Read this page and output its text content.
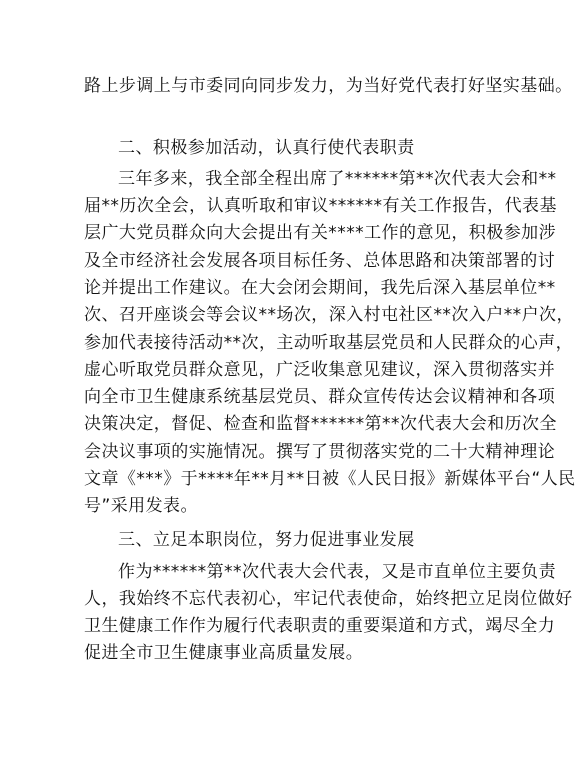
路上步调上与市委同向同步发力，为当好党代表打好坚实基础。
二、积极参加活动，认真行使代表职责
三年多来，我全部全程出席了******第**次代表大会和**
届**历次全会，认真听取和审议******有关工作报告，代表基
层广大党员群众向大会提出有关****工作的意见，积极参加涉
及全市经济社会发展各项目标任务、总体思路和决策部署的讨
论并提出工作建议。在大会闭会期间，我先后深入基层单位**
次、召开座谈会等会议**场次，深入村屯社区**次入户**户次，
参加代表接待活动**次，主动听取基层党员和人民群众的心声，
虚心听取党员群众意见，广泛收集意见建议，深入贯彻落实并
向全市卫生健康系统基层党员、群众宣传传达会议精神和各项
决策决定，督促、检查和监督******第**次代表大会和历次全
会决议事项的实施情况。撰写了贯彻落实党的二十大精神理论
文章《***》于****年**月**日被《人民日报》新媒体平台“人民
号”采用发表。
三、立足本职岗位，努力促进事业发展
作为******第**次代表大会代表，又是市直单位主要负责
人，我始终不忘代表初心，牢记代表使命，始终把立足岗位做好
卫生健康工作作为履行代表职责的重要渠道和方式，竭尽全力
促进全市卫生健康事业高质量发展。
